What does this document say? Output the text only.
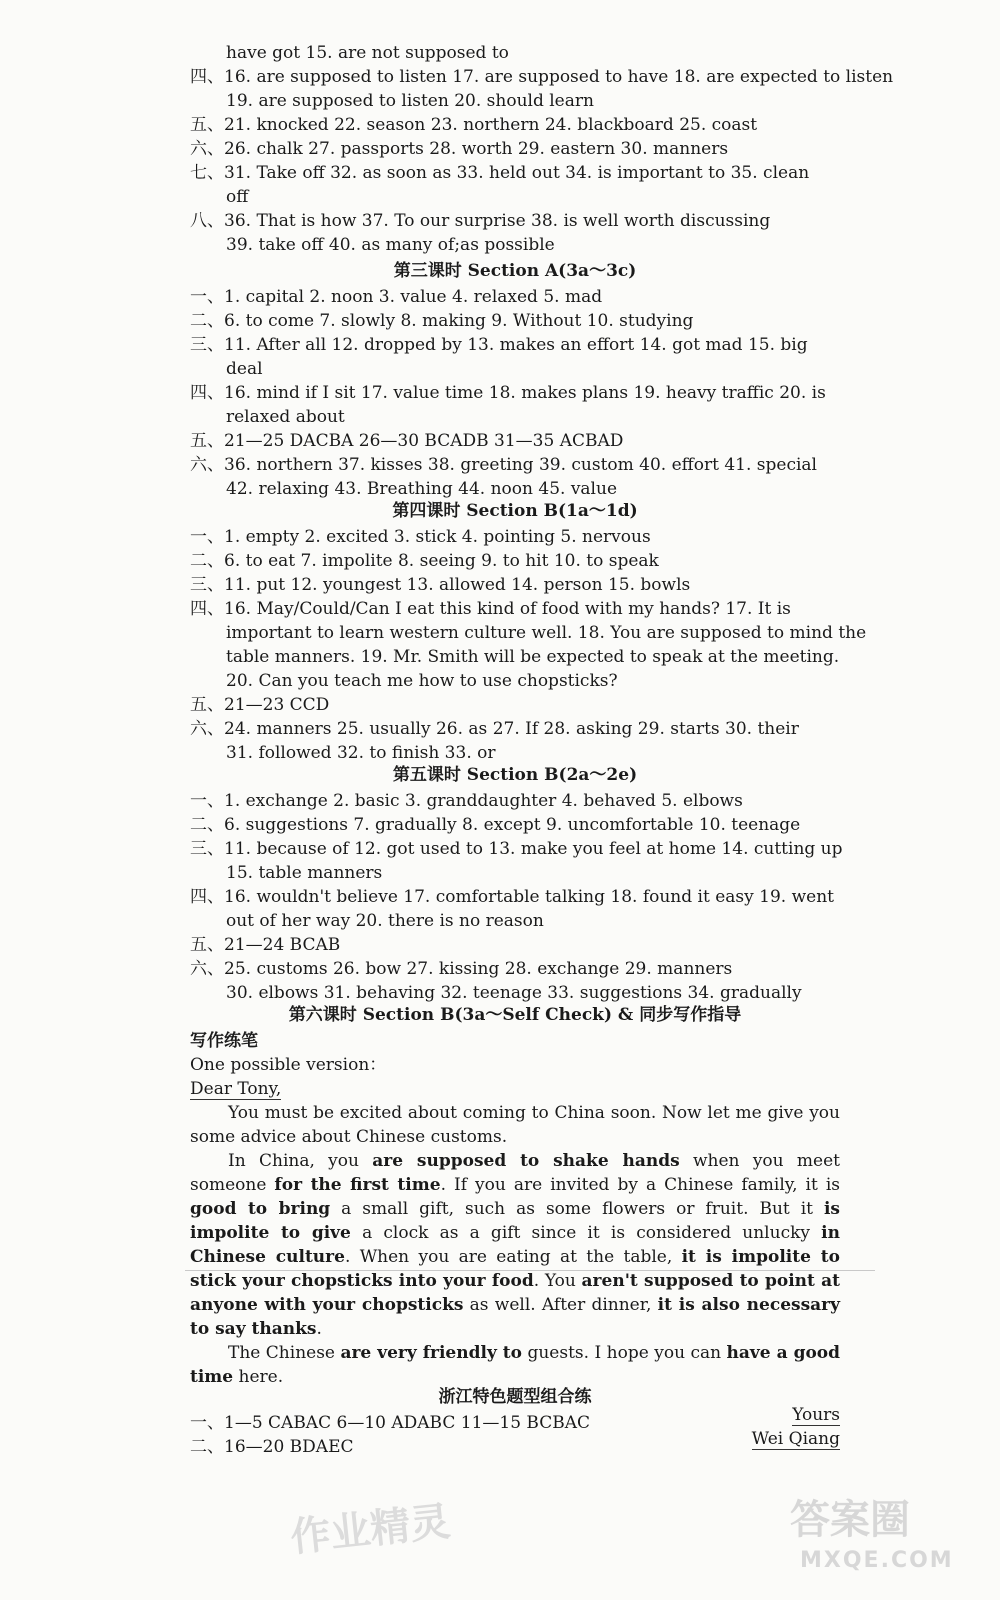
have got 15. are not supposed to
四、16. are supposed to listen 17. are supposed to have 18. are expected to listen
19. are supposed to listen 20. should learn
五、21. knocked 22. season 23. northern 24. blackboard 25. coast
六、26. chalk 27. passports 28. worth 29. eastern 30. manners
七、31. Take off 32. as soon as 33. held out 34. is important to 35. clean
off
八、36. That is how 37. To our surprise 38. is well worth discussing
39. take off 40. as many of;as possible
第三课时 Section A(3a～3c)
一、1. capital 2. noon 3. value 4. relaxed 5. mad
二、6. to come 7. slowly 8. making 9. Without 10. studying
三、11. After all 12. dropped by 13. makes an effort 14. got mad 15. big
deal
四、16. mind if I sit 17. value time 18. makes plans 19. heavy traffic 20. is
relaxed about
五、21—25 DACBA 26—30 BCADB 31—35 ACBAD
六、36. northern 37. kisses 38. greeting 39. custom 40. effort 41. special
42. relaxing 43. Breathing 44. noon 45. value
第四课时 Section B(1a～1d)
一、1. empty 2. excited 3. stick 4. pointing 5. nervous
二、6. to eat 7. impolite 8. seeing 9. to hit 10. to speak
三、11. put 12. youngest 13. allowed 14. person 15. bowls
四、16. May/Could/Can I eat this kind of food with my hands? 17. It is
important to learn western culture well. 18. You are supposed to mind the
table manners. 19. Mr. Smith will be expected to speak at the meeting.
20. Can you teach me how to use chopsticks?
五、21—23 CCD
六、24. manners 25. usually 26. as 27. If 28. asking 29. starts 30. their
31. followed 32. to finish 33. or
第五课时 Section B(2a～2e)
一、1. exchange 2. basic 3. granddaughter 4. behaved 5. elbows
二、6. suggestions 7. gradually 8. except 9. uncomfortable 10. teenage
三、11. because of 12. got used to 13. make you feel at home 14. cutting up
15. table manners
四、16. wouldn't believe 17. comfortable talking 18. found it easy 19. went
out of her way 20. there is no reason
五、21—24 BCAB
六、25. customs 26. bow 27. kissing 28. exchange 29. manners
30. elbows 31. behaving 32. teenage 33. suggestions 34. gradually
第六课时 Section B(3a～Self Check) & 同步写作指导
写作练笔

One possible version：

Dear Tony,

You must be excited about coming to China soon. Now let me give you some advice about Chinese customs.

In China, you are supposed to shake hands when you meet someone for the first time. If you are invited by a Chinese family, it is good to bring a small gift, such as some flowers or fruit. But it is impolite to give a clock as a gift since it is considered unlucky in Chinese culture. When you are eating at the table, it is impolite to stick your chopsticks into your food. You aren't supposed to point at anyone with your chopsticks as well. After dinner, it is also necessary to say thanks.

The Chinese are very friendly to guests. I hope you can have a good time here.

Yours

Wei Qiang

浙江特色题型组合练
一、1—5 CABAC 6—10 ADABC 11—15 BCBAC
二、16—20 BDAEC
作业精灵	答案圈
MXQE.COM
